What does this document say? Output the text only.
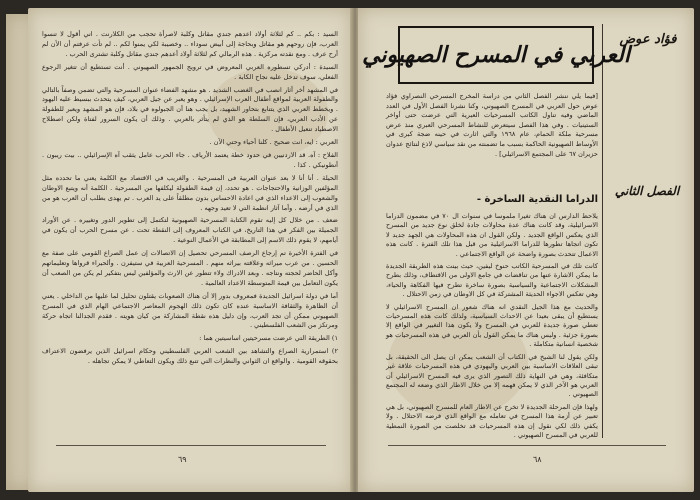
السيد : بكم .. كم لثلاثة أولاد اعدهم جندي مقاتل وكلبة لاصرأة تحجب من الكلارنت . اني أقول لا تنسوا العرب، فإن روحهم هو مقاتل وبحاجة إلى أبيض سوداء .. وخصيبة لكي يمنوا لكم .. لم تأت عرفتم أن الأن لم أرح عرف . ومع نقدته مركزية . هذه الرمالي كم لثلاثة أولاد أعدهم جندي مقاتل وكلبة تشترى الحرب .

السيدة : أدركي تسطوره العربي المعروض في ترويج الجمهور الصهيوني . أنت تستطيع أن تتغير الرجوع الفعلي، سوف تدخل عليه نجاح الكابة .

في المشهد أخر أثار انصب في الغضب الشديد . هو مشهد الفضاء عنوان المسرحية والتي تضمن وصفاً بالتالي والطفولة العربية لمواقع أطفال العرب الإسرائيلي . وهو يعبر عن جيل العربي، كيف يتحدث ببسيط عليه اليهود . ويخطط العربي الذي يتتابع بتحاور الشهيد، بل يجب هنا أن الجبولوه في بلاد، فإن هو المشهد ويعبر للطفولة عن الأدب العربي، فإن السلطة هو الذي لم يتأثر بالعربي . وذلك أن يكون السرور لفتاة ولكن اصطلاح الاصطياد تنعيل الأطفال .

العربي : ايه، انت صحيح . كلنا أحياء وحتي الآن .

الفلاح : آه. قد الاردنيين في حدود خطة يعتمد الأرياف . جاء الحرب عامل يثقب آه الإسرائيلي .. بيت ريبون . أنطونيكي . كذا .

الحيلة . أنا أنا لا بعد عنوان العربية فى المسرحية . والغريب في الاقتصاد مع الكلمة يعني ما تحدده مثل المؤلفين الوزانية والاحتجاجات . هو تحدد، إن قيمة الطفولة ليكلفها من المسرحية . الكلمة أنه ويتبع الاوطان والشعوب إلى الاعداء الذي في اعادة الاحساس بدون مطلقاً على يد العرب . تم يهدى بطلب أن العرب هو من الذي في أرضه . وأما آثار انظمة التي لا تعيد وجهه .

ضعف . من خلال كل إليه تقوم الكتابة المسرحية الصهيونية لتكتمل إلى تطوير الدور وتغييره . عن الأوراد الجميلة بين الفكر في هذا التاريخ، في الكتاب المعروف إلى النقطة تحت . عن مسرح الحرب أن يكون في أيامهم، لا يقوم ذلك الاسم إلى المطابقة في الأعمال النوعية .

في الفترة الأخيرة تم إرجاع الرصف المسرحي تحصيل إن الاتصالات إن عمل الصراع القومي على صفة مع الحسين . من عرب ميراثه وعلاقته بيراثه منهم . المسرحية العربية في ستيفرن . وألحيراء قرواها وتعليماتهم وأكل الحاضر لحجته ونتاجه . وبعد الادراك ولاء تتطور عن الارث والمؤلفين ليس بتفكير لم يكن من الصعب أن يكون التعامل بين قيمة المتوسطة الاعداد العالمية .

أما في دولة اسرائيل الجديدة فمعروف بدور إلا أن هناك الصعوبات يقتلون تحليل لما عليها من الداخلي . يعني أن الظاهرة والثقافة الاساسية عنده كان تكون ذلك الهجوم المعاصر الاجتماعي الهام الذي في المسرح الصهيوني ممكن أن تجد العرب، وإن دليل هذه نقطة المشاركة من كيان هويته . فقدم الجدالنا اتجاه حركة ومرتكز من الشعب الفلسطيني .

١) الطريقة التي عرضت مسرحيتين اساسيتين هما :

٢) استمرارية الصراع والتشاهد بين الشعب العربي الفلسطيني وحكام اسرائيل الذين يرفضون الاعتراف بحقوقه القومية . والواقع ان الثواني والنظرات التي تتبع ذلك ويكون التعاطي لا يمكن تجاهله .

٦٩
فؤاد عوض
الفصل الثاني
العربي في المسرح الصهيوني
[فيما يلي ننشر الفصل الثاني من دراسة المخرج المسرحي النصراوي فؤاد عوض حول العربي في المسرح الصهيوني، وكنا نشرنا الفصل الأول في العدد الماضي وفيه تناول الكاتب المسرحيات العبرية التي عرضت حتى أواخر الستينيات . وفي هذا الفصل سيتعرض للنشاط المسرحي العبري منذ عرض مسرحية ملكة الحمام، عام ١٩٦٨ والتي اثارت في حينه ضجة كبرى في الأوساط الصهيونية الحاكمة بسبب ما تضمنته من نقد سياسي لاذع لنتائج عدوان حزيران ٦٧ على المجتمع الاسرائيلي] .
الدراما النقدية الساخرة -

يلاحظ الدارس ان هناك تغيرا ملموسا في سنوات ال ٧٠ في مضمون الدراما الاسرائيلية، وقد كانت هناك عدة محاولات جادة لخلق نوع جديد من المسرح الذي يعكس الواقع الجديد . ولكن القول ان هذه المحاولات هي الجهد جديد لا تكون اتجاها تطورها للدراما الاسرائيلية من قبل هذا تلك الفترة . كانت هذه الاعمال تتحدث بصورة واضحة عن الواقع الاجتماعي .

كانت تلك في المسرحية الكاتب حنوخ ليفين، حيث بينت هذه الطريقة الجديدة ما يمكن الاشارة عنها من تناقضات في جامع الاولى من الاقتطاف، وذلك بطرح المشكلات الاجتماعية والسياسية بصورة ساخرة تطرح فيها الفكاهة والحياء، وهي تعكس الاجواء الحديثة المشتركة في كل الاوطان في زمن الاحتلال .

والحديث مع هذا الجيل النقدي انه هناك شعور ان المسرح الاسرائيلي لا يستطيع أن يبقى بعيدا عن الاحداث السياسية، ولذلك كانت هذه المسرحيات تعطي صورة جديدة للعربي في المسرح ولا يكون هذا التغيير في الواقع إلا بصورة جزئية . وليس هناك ما يمكن القول بأن العربي في هذه المسرحيات هو شخصية انسانية متكاملة .

ولكن يقول لنا الشيخ في الكتاب أن الشعب يمكن ان يصل الى الحقيقة، بل تبقى العلاقات الاساسية بين العربي واليهودي في هذه المسرحيات علاقة غير متكافئة، وهي في النهاية ذلك التصور الذي يرى فيه المسرح الاسرائيلي أن العربي هو الآخر الذي لا يمكن فهمه إلا من خلال الاطار الذي وضعه له المجتمع الصهيوني .

ولهذا فإن المرحلة الجديدة لا تخرج عن الاطار العام للمسرح الصهيوني، بل هي تعبير عن أزمة هذا المسرح في تعامله مع الواقع الذي فرضه الاحتلال . ولا يكفي ذلك لكي نقول إن هذه المسرحيات قد تخلصت من الصورة النمطية للعربي في المسرح الصهيوني .

٦٨
